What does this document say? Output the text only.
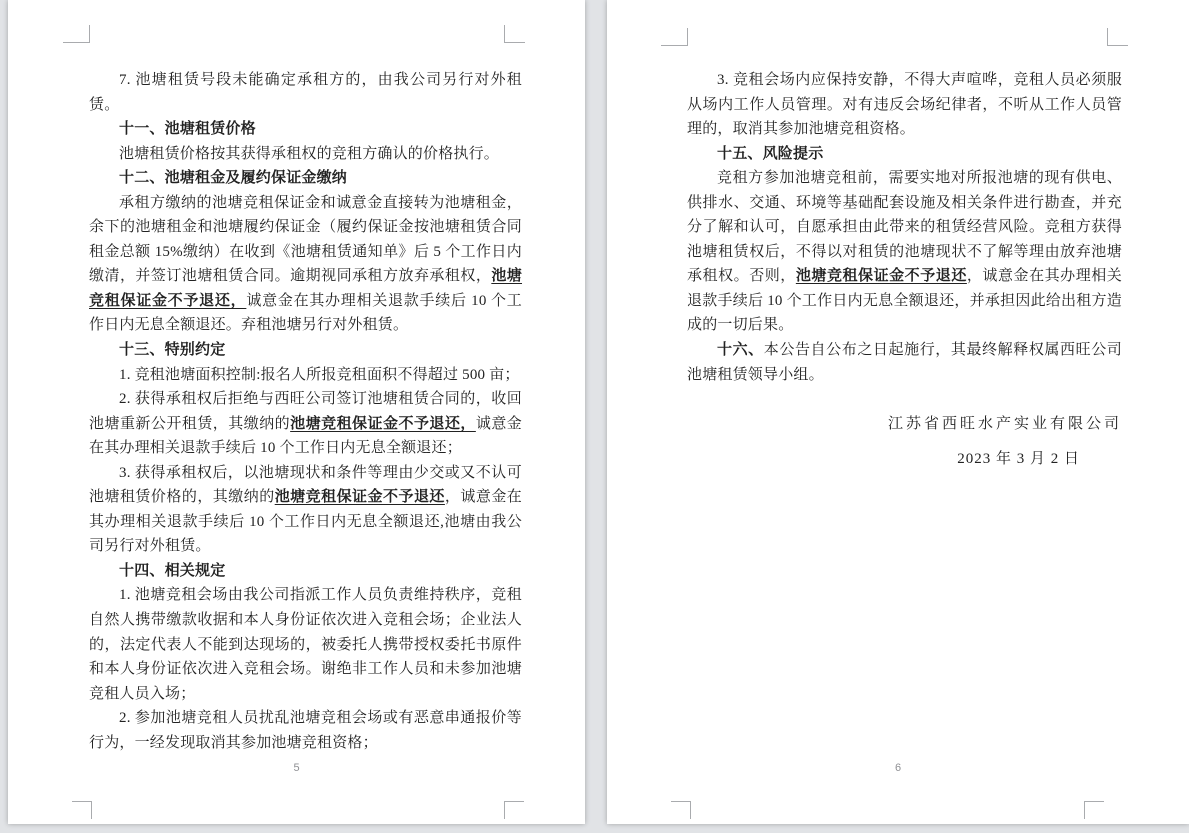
7. 池塘租赁号段未能确定承租方的，由我公司另行对外租赁。

十一、池塘租赁价格

池塘租赁价格按其获得承租权的竞租方确认的价格执行。

十二、池塘租金及履约保证金缴纳

承租方缴纳的池塘竞租保证金和诚意金直接转为池塘租金，余下的池塘租金和池塘履约保证金（履约保证金按池塘租赁合同租金总额 15%缴纳）在收到《池塘租赁通知单》后 5 个工作日内缴清，并签订池塘租赁合同。逾期视同承租方放弃承租权，池塘竞租保证金不予退还，诚意金在其办理相关退款手续后 10 个工作日内无息全额退还。弃租池塘另行对外租赁。

十三、特别约定

1. 竞租池塘面积控制:报名人所报竞租面积不得超过 500 亩；

2. 获得承租权后拒绝与西旺公司签订池塘租赁合同的，收回池塘重新公开租赁，其缴纳的池塘竞租保证金不予退还，诚意金在其办理相关退款手续后 10 个工作日内无息全额退还；

3. 获得承租权后，以池塘现状和条件等理由少交或又不认可池塘租赁价格的，其缴纳的池塘竞租保证金不予退还，诚意金在其办理相关退款手续后 10 个工作日内无息全额退还,池塘由我公司另行对外租赁。

十四、相关规定

1. 池塘竞租会场由我公司指派工作人员负责维持秩序，竞租自然人携带缴款收据和本人身份证依次进入竞租会场；企业法人的，法定代表人不能到达现场的，被委托人携带授权委托书原件和本人身份证依次进入竞租会场。谢绝非工作人员和未参加池塘竞租人员入场；

2. 参加池塘竞租人员扰乱池塘竞租会场或有恶意串通报价等行为，一经发现取消其参加池塘竞租资格；

5

3. 竞租会场内应保持安静，不得大声喧哗，竞租人员必须服从场内工作人员管理。对有违反会场纪律者，不听从工作人员管理的，取消其参加池塘竞租资格。

十五、风险提示

竞租方参加池塘竞租前，需要实地对所报池塘的现有供电、供排水、交通、环境等基础配套设施及相关条件进行勘查，并充分了解和认可，自愿承担由此带来的租赁经营风险。竞租方获得池塘租赁权后，不得以对租赁的池塘现状不了解等理由放弃池塘承租权。否则，池塘竞租保证金不予退还，诚意金在其办理相关退款手续后 10 个工作日内无息全额退还，并承担因此给出租方造成的一切后果。

十六、本公告自公布之日起施行，其最终解释权属西旺公司池塘租赁领导小组。

江苏省西旺水产实业有限公司

2023 年 3 月 2 日

6
